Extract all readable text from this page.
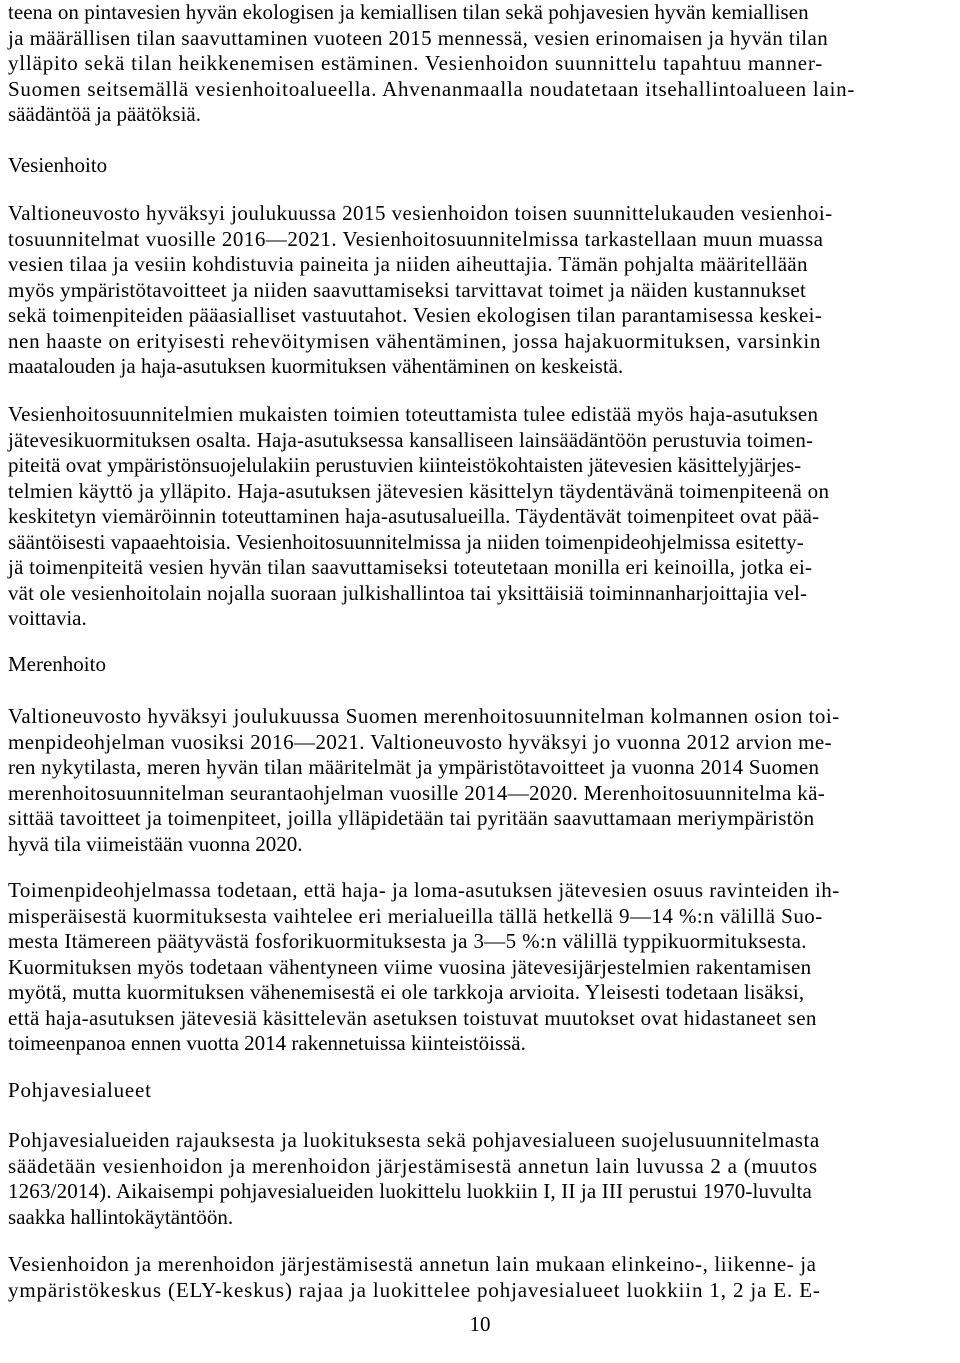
teena on pintavesien hyvän ekologisen ja kemiallisen tilan sekä pohjavesien hyvän kemiallisen
ja määrällisen tilan saavuttaminen vuoteen 2015 mennessä, vesien erinomaisen ja hyvän tilan
ylläpito sekä tilan heikkenemisen estäminen. Vesienhoidon suunnittelu tapahtuu manner-
Suomen seitsemällä vesienhoitoalueella. Ahvenanmaalla noudatetaan itsehallintoalueen lain-
säädäntöä ja päätöksiä.
Vesienhoito
Valtioneuvosto hyväksyi joulukuussa 2015 vesienhoidon toisen suunnittelukauden vesienhoi-
tosuunnitelmat vuosille 2016—2021. Vesienhoitosuunnitelmissa tarkastellaan muun muassa
vesien tilaa ja vesiin kohdistuvia paineita ja niiden aiheuttajia. Tämän pohjalta määritellään
myös ympäristötavoitteet ja niiden saavuttamiseksi tarvittavat toimet ja näiden kustannukset
sekä toimenpiteiden pääasialliset vastuutahot. Vesien ekologisen tilan parantamisessa keskei-
nen haaste on erityisesti rehevöitymisen vähentäminen, jossa hajakuormituksen, varsinkin
maatalouden ja haja-asutuksen kuormituksen vähentäminen on keskeistä.
Vesienhoitosuunnitelmien mukaisten toimien toteuttamista tulee edistää myös haja-asutuksen
jätevesikuormituksen osalta. Haja-asutuksessa kansalliseen lainsäädäntöön perustuvia toimen-
piteitä ovat ympäristönsuojelulakiin perustuvien kiinteistökohtaisten jätevesien käsittelyjärjes-
telmien käyttö ja ylläpito. Haja-asutuksen jätevesien käsittelyn täydentävänä toimenpiteenä on
keskitetyn viemäröinnin toteuttaminen haja-asutusalueilla. Täydentävät toimenpiteet ovat pää-
sääntöisesti vapaaehtoisia. Vesienhoitosuunnitelmissa ja niiden toimenpideohjelmissa esitetty-
jä toimenpiteitä vesien hyvän tilan saavuttamiseksi toteutetaan monilla eri keinoilla, jotka ei-
vät ole vesienhoitolain nojalla suoraan julkishallintoa tai yksittäisiä toiminnanharjoittajia vel-
voittavia.
Merenhoito
Valtioneuvosto hyväksyi joulukuussa Suomen merenhoitosuunnitelman kolmannen osion toi-
menpideohjelman vuosiksi 2016—2021. Valtioneuvosto hyväksyi jo vuonna 2012 arvion me-
ren nykytilasta, meren hyvän tilan määritelmät ja ympäristötavoitteet ja vuonna 2014 Suomen
merenhoitosuunnitelman seurantaohjelman vuosille 2014—2020. Merenhoitosuunnitelma kä-
sittää tavoitteet ja toimenpiteet, joilla ylläpidetään tai pyritään saavuttamaan meriympäristön
hyvä tila viimeistään vuonna 2020.
Toimenpideohjelmassa todetaan, että haja- ja loma-asutuksen jätevesien osuus ravinteiden ih-
misperäisestä kuormituksesta vaihtelee eri merialueilla tällä hetkellä 9—14 %:n välillä Suo-
mesta Itämereen päätyvästä fosforikuormituksesta ja 3—5 %:n välillä typpikuormituksesta.
Kuormituksen myös todetaan vähentyneen viime vuosina jätevesijärjestelmien rakentamisen
myötä, mutta kuormituksen vähenemisestä ei ole tarkkoja arvioita. Yleisesti todetaan lisäksi,
että haja-asutuksen jätevesiä käsittelevän asetuksen toistuvat muutokset ovat hidastaneet sen
toimeenpanoa ennen vuotta 2014 rakennetuissa kiinteistöissä.
Pohjavesialueet
Pohjavesialueiden rajauksesta ja luokituksesta sekä pohjavesialueen suojelusuunnitelmasta
säädetään vesienhoidon ja merenhoidon järjestämisestä annetun lain luvussa 2 a (muutos
1263/2014). Aikaisempi pohjavesialueiden luokittelu luokkiin I, II ja III perustui 1970-luvulta
saakka hallintokäytäntöön.
Vesienhoidon ja merenhoidon järjestämisestä annetun lain mukaan elinkeino-, liikenne- ja
ympäristökeskus (ELY-keskus) rajaa ja luokittelee pohjavesialueet luokkiin 1, 2 ja E. E-
10
